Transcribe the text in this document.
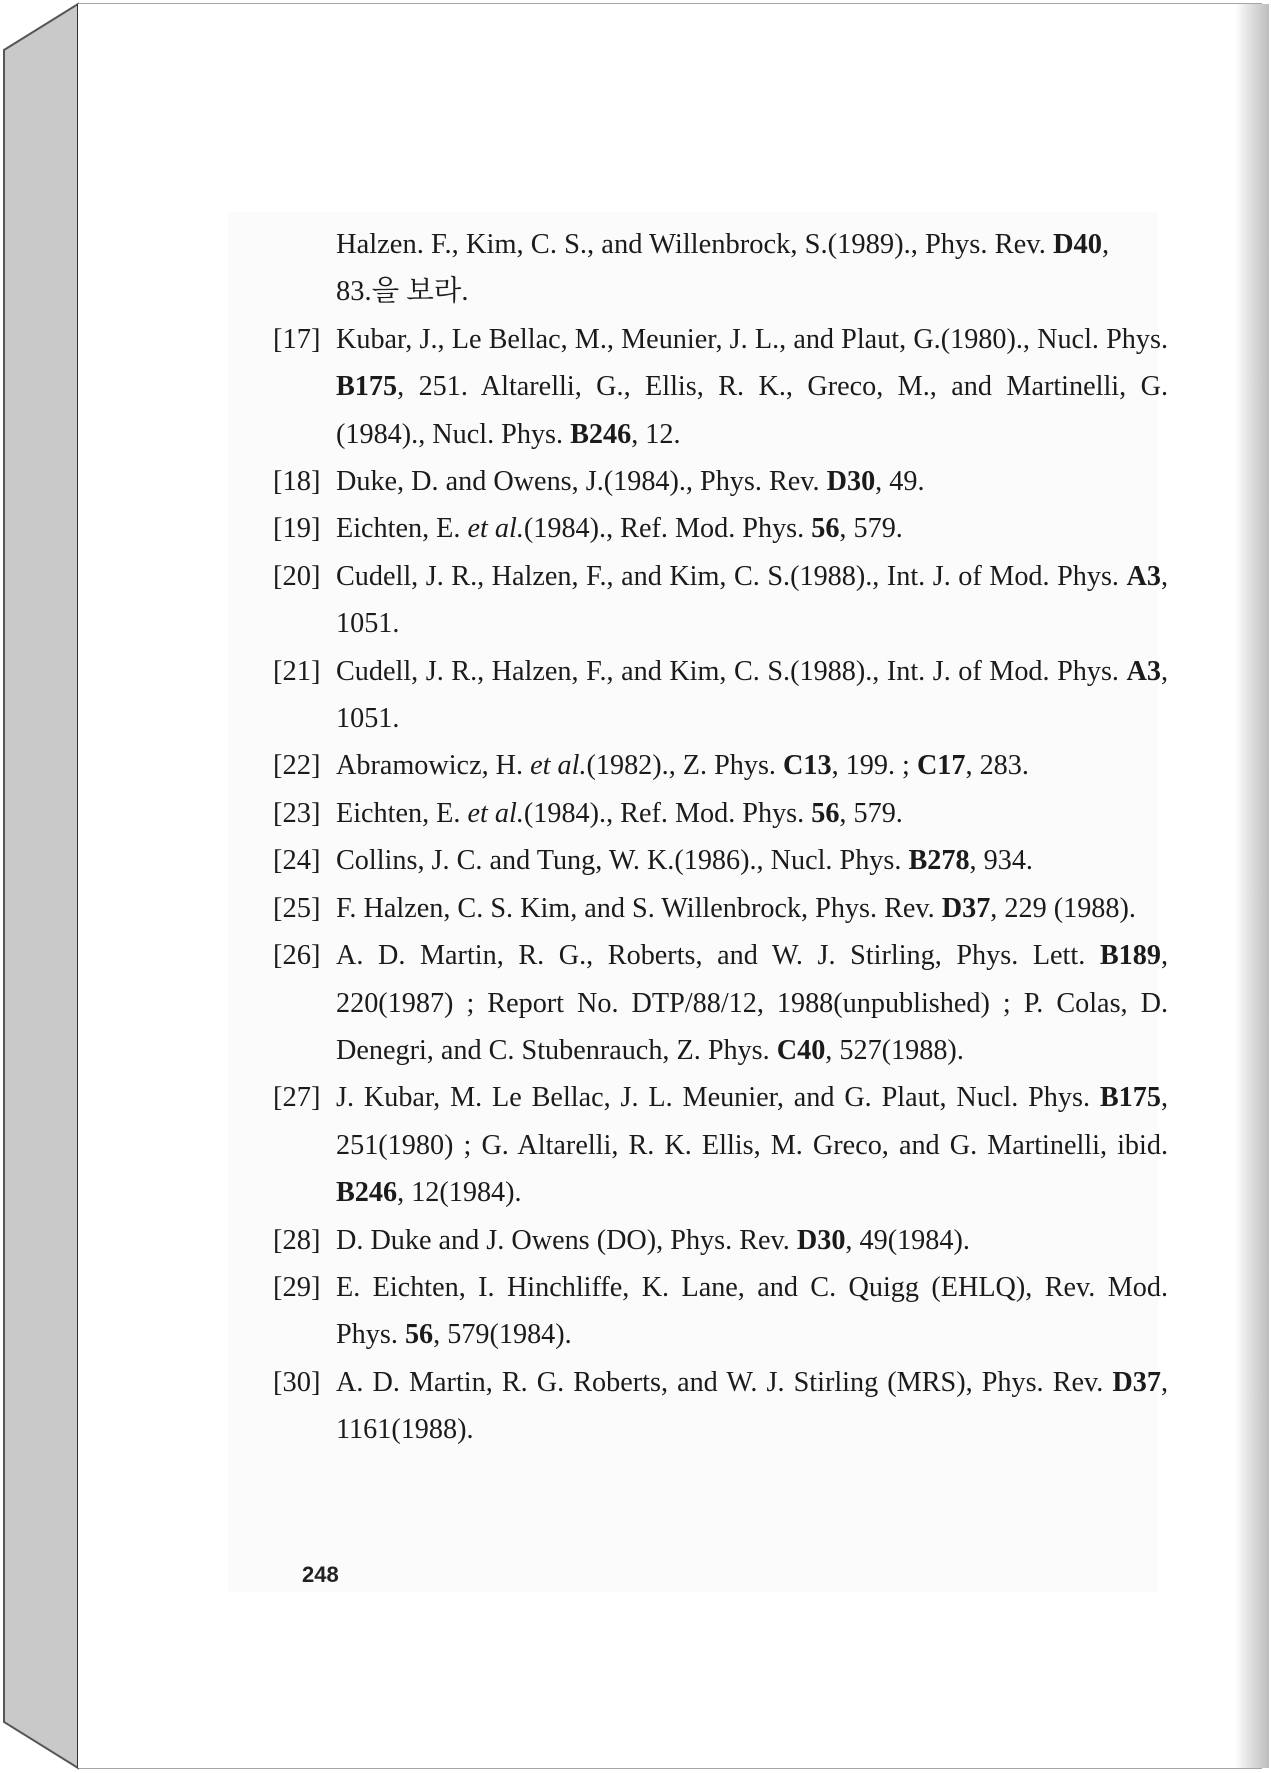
Halzen. F., Kim, C. S., and Willenbrock, S.(1989)., Phys. Rev. D40,
83.을 보라.
[17] Kubar, J., Le Bellac, M., Meunier, J. L., and Plaut, G.(1980)., Nucl. Phys. B175, 251. Altarelli, G., Ellis, R. K., Greco, M., and Martinelli, G.(1984)., Nucl. Phys. B246, 12.
[18] Duke, D. and Owens, J.(1984)., Phys. Rev. D30, 49.
[19] Eichten, E. et al.(1984)., Ref. Mod. Phys. 56, 579.
[20] Cudell, J. R., Halzen, F., and Kim, C. S.(1988)., Int. J. of Mod. Phys. A3, 1051.
[21] Cudell, J. R., Halzen, F., and Kim, C. S.(1988)., Int. J. of Mod. Phys. A3, 1051.
[22] Abramowicz, H. et al.(1982)., Z. Phys. C13, 199. ; C17, 283.
[23] Eichten, E. et al.(1984)., Ref. Mod. Phys. 56, 579.
[24] Collins, J. C. and Tung, W. K.(1986)., Nucl. Phys. B278, 934.
[25] F. Halzen, C. S. Kim, and S. Willenbrock, Phys. Rev. D37, 229 (1988).
[26] A. D. Martin, R. G., Roberts, and W. J. Stirling, Phys. Lett. B189, 220(1987) ; Report No. DTP/88/12, 1988(unpublished) ; P. Colas, D. Denegri, and C. Stubenrauch, Z. Phys. C40, 527(1988).
[27] J. Kubar, M. Le Bellac, J. L. Meunier, and G. Plaut, Nucl. Phys. B175, 251(1980) ; G. Altarelli, R. K. Ellis, M. Greco, and G. Martinelli, ibid. B246, 12(1984).
[28] D. Duke and J. Owens (DO), Phys. Rev. D30, 49(1984).
[29] E. Eichten, I. Hinchliffe, K. Lane, and C. Quigg (EHLQ), Rev. Mod. Phys. 56, 579(1984).
[30] A. D. Martin, R. G. Roberts, and W. J. Stirling (MRS), Phys. Rev. D37, 1161(1988).
248
